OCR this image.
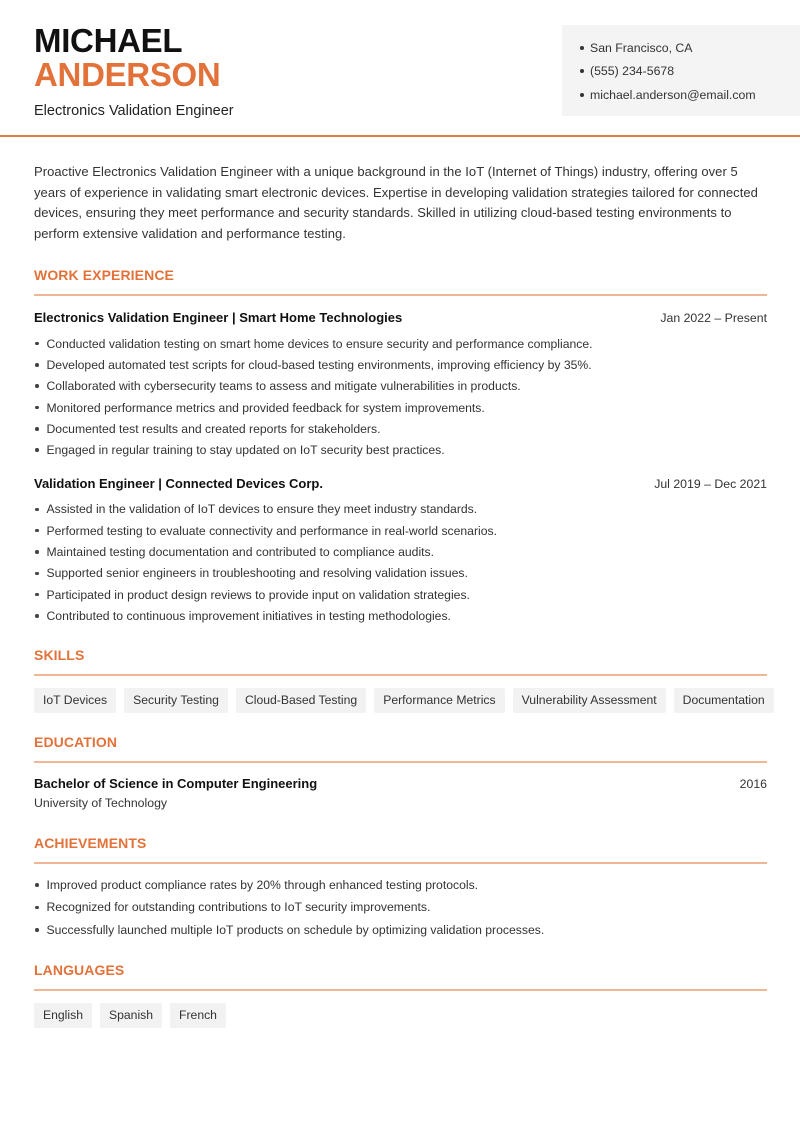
MICHAEL
ANDERSON
Electronics Validation Engineer
San Francisco, CA
(555) 234-5678
michael.anderson@email.com

Proactive Electronics Validation Engineer with a unique background in the IoT (Internet of Things) industry, offering over 5 years of experience in validating smart electronic devices. Expertise in developing validation strategies tailored for connected devices, ensuring they meet performance and security standards. Skilled in utilizing cloud-based testing environments to perform extensive validation and performance testing.

WORK EXPERIENCE
Electronics Validation Engineer | Smart Home Technologies	Jan 2022 – Present
Conducted validation testing on smart home devices to ensure security and performance compliance.
Developed automated test scripts for cloud-based testing environments, improving efficiency by 35%.
Collaborated with cybersecurity teams to assess and mitigate vulnerabilities in products.
Monitored performance metrics and provided feedback for system improvements.
Documented test results and created reports for stakeholders.
Engaged in regular training to stay updated on IoT security best practices.
Validation Engineer | Connected Devices Corp.	Jul 2019 – Dec 2021
Assisted in the validation of IoT devices to ensure they meet industry standards.
Performed testing to evaluate connectivity and performance in real-world scenarios.
Maintained testing documentation and contributed to compliance audits.
Supported senior engineers in troubleshooting and resolving validation issues.
Participated in product design reviews to provide input on validation strategies.
Contributed to continuous improvement initiatives in testing methodologies.
SKILLS
IoT Devices	Security Testing	Cloud-Based Testing	Performance Metrics	Vulnerability Assessment	Documentation
EDUCATION
Bachelor of Science in Computer Engineering	2016
University of Technology
ACHIEVEMENTS
Improved product compliance rates by 20% through enhanced testing protocols.
Recognized for outstanding contributions to IoT security improvements.
Successfully launched multiple IoT products on schedule by optimizing validation processes.
LANGUAGES
English	Spanish	French
